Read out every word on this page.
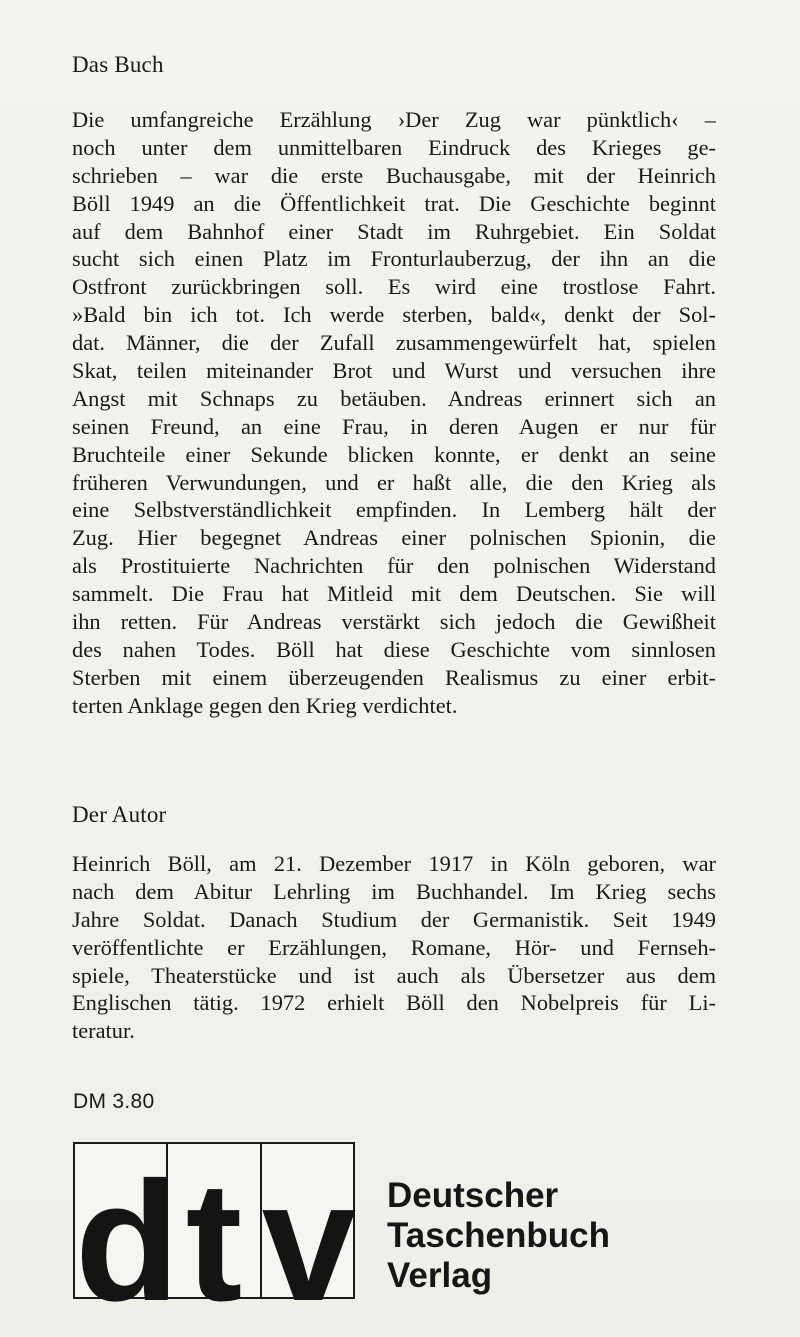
Das Buch
Die umfangreiche Erzählung ›Der Zug war pünktlich‹ –
noch unter dem unmittelbaren Eindruck des Krieges ge-
schrieben – war die erste Buchausgabe, mit der Heinrich
Böll 1949 an die Öffentlichkeit trat. Die Geschichte beginnt
auf dem Bahnhof einer Stadt im Ruhrgebiet. Ein Soldat
sucht sich einen Platz im Fronturlauberzug, der ihn an die
Ostfront zurückbringen soll. Es wird eine trostlose Fahrt.
»Bald bin ich tot. Ich werde sterben, bald«, denkt der Sol-
dat. Männer, die der Zufall zusammengewürfelt hat, spielen
Skat, teilen miteinander Brot und Wurst und versuchen ihre
Angst mit Schnaps zu betäuben. Andreas erinnert sich an
seinen Freund, an eine Frau, in deren Augen er nur für
Bruchteile einer Sekunde blicken konnte, er denkt an seine
früheren Verwundungen, und er haßt alle, die den Krieg als
eine Selbstverständlichkeit empfinden. In Lemberg hält der
Zug. Hier begegnet Andreas einer polnischen Spionin, die
als Prostituierte Nachrichten für den polnischen Widerstand
sammelt. Die Frau hat Mitleid mit dem Deutschen. Sie will
ihn retten. Für Andreas verstärkt sich jedoch die Gewißheit
des nahen Todes. Böll hat diese Geschichte vom sinnlosen
Sterben mit einem überzeugenden Realismus zu einer erbit-
terten Anklage gegen den Krieg verdichtet.
Der Autor
Heinrich Böll, am 21. Dezember 1917 in Köln geboren, war
nach dem Abitur Lehrling im Buchhandel. Im Krieg sechs
Jahre Soldat. Danach Studium der Germanistik. Seit 1949
veröffentlichte er Erzählungen, Romane, Hör- und Fernseh-
spiele, Theaterstücke und ist auch als Übersetzer aus dem
Englischen tätig. 1972 erhielt Böll den Nobelpreis für Li-
teratur.
DM 3.80
d t v Deutscher
Taschenbuch
Verlag
